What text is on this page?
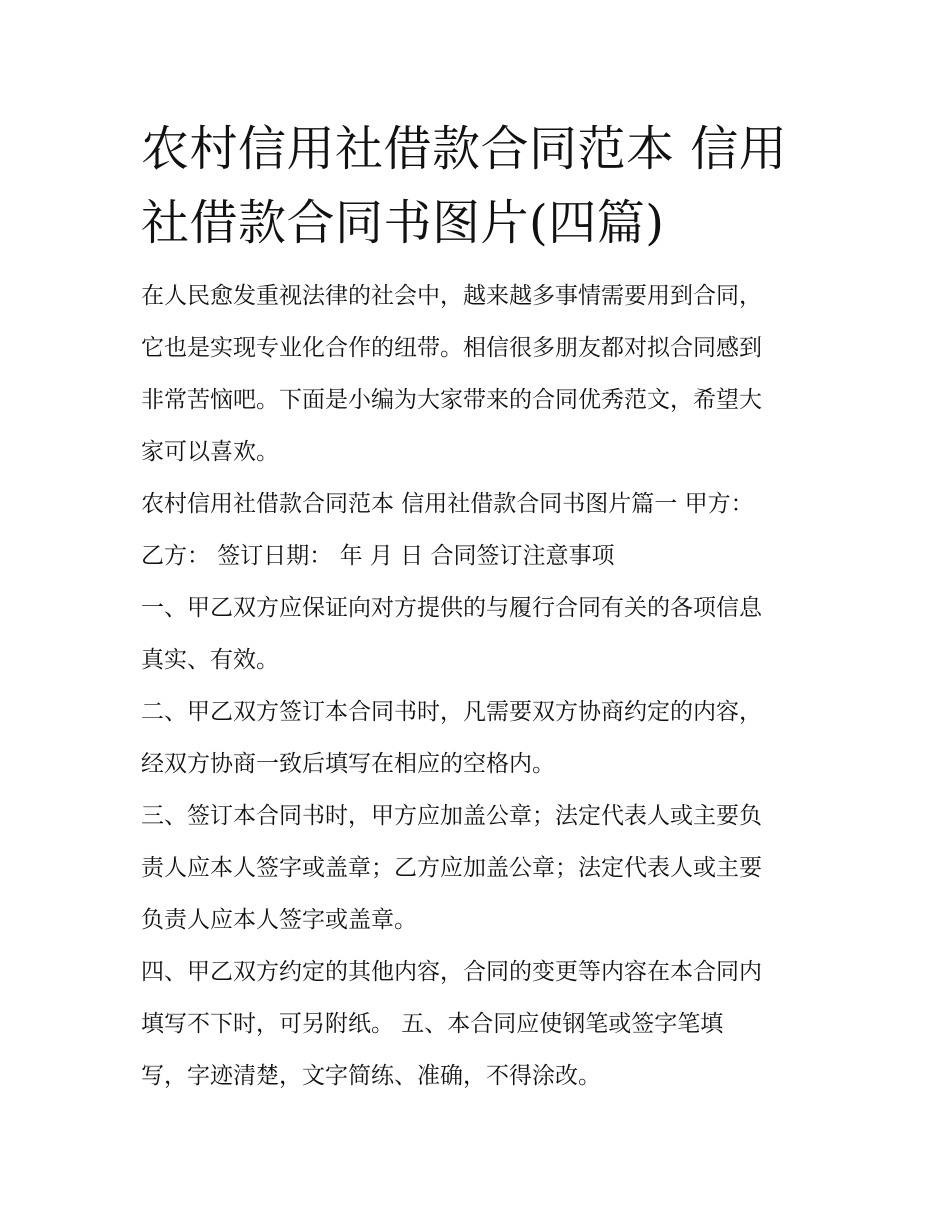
农村信用社借款合同范本 信用
社借款合同书图片(四篇)

在人民愈发重视法律的社会中，越来越多事情需要用到合同，
它也是实现专业化合作的纽带。相信很多朋友都对拟合同感到
非常苦恼吧。下面是小编为大家带来的合同优秀范文，希望大
家可以喜欢。

农村信用社借款合同范本 信用社借款合同书图片篇一 甲方：
乙方： 签订日期： 年 月 日 合同签订注意事项

一、甲乙双方应保证向对方提供的与履行合同有关的各项信息
真实、有效。

二、甲乙双方签订本合同书时，凡需要双方协商约定的内容，
经双方协商一致后填写在相应的空格内。

三、签订本合同书时，甲方应加盖公章；法定代表人或主要负
责人应本人签字或盖章；乙方应加盖公章；法定代表人或主要
负责人应本人签字或盖章。

四、甲乙双方约定的其他内容，合同的变更等内容在本合同内
填写不下时，可另附纸。 五、本合同应使钢笔或签字笔填
写，字迹清楚，文字简练、准确，不得涂改。
